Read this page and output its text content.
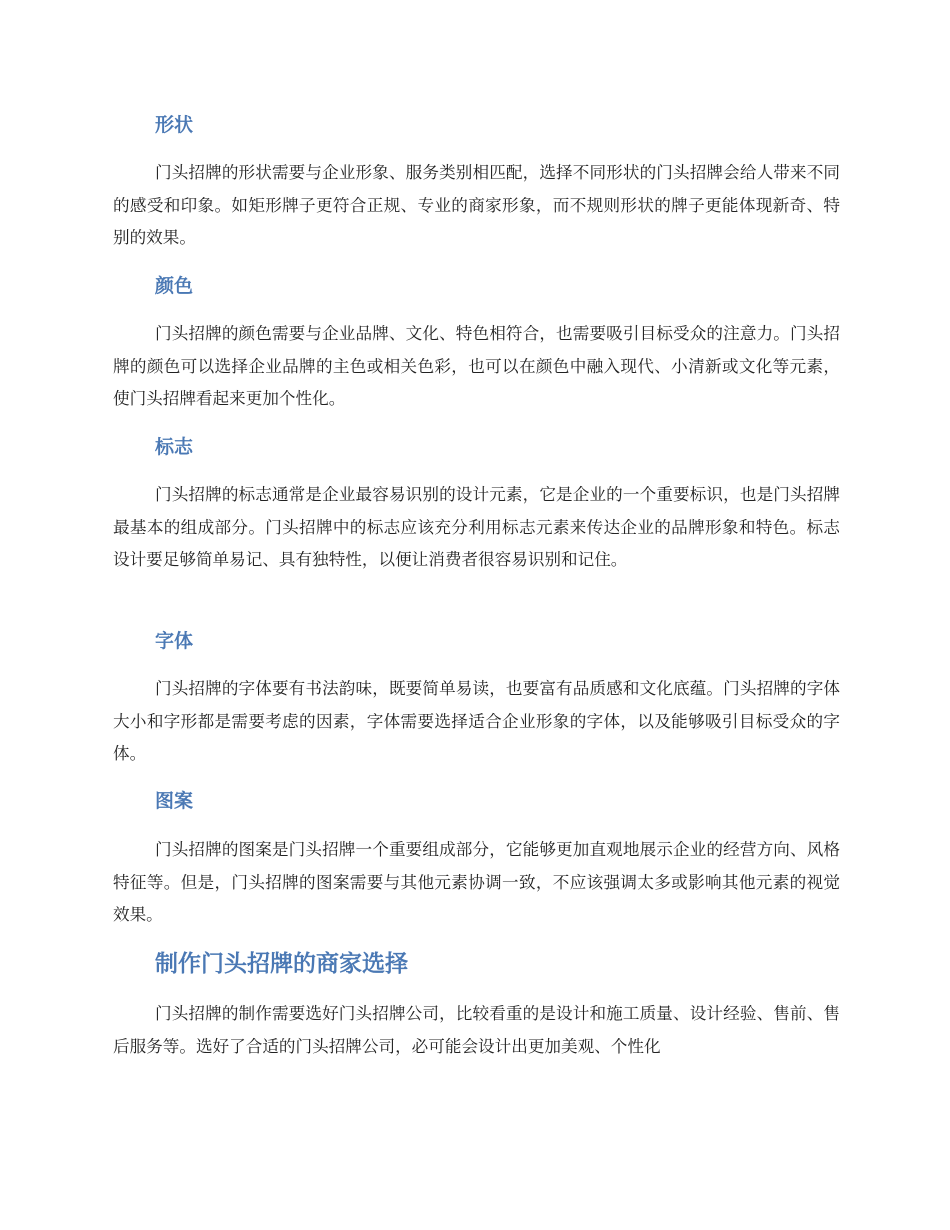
形状

门头招牌的形状需要与企业形象、服务类别相匹配，选择不同形状的门头招牌会给人带来不同的感受和印象。如矩形牌子更符合正规、专业的商家形象，而不规则形状的牌子更能体现新奇、特别的效果。

颜色

门头招牌的颜色需要与企业品牌、文化、特色相符合，也需要吸引目标受众的注意力。门头招牌的颜色可以选择企业品牌的主色或相关色彩，也可以在颜色中融入现代、小清新或文化等元素，使门头招牌看起来更加个性化。

标志

门头招牌的标志通常是企业最容易识别的设计元素，它是企业的一个重要标识，也是门头招牌最基本的组成部分。门头招牌中的标志应该充分利用标志元素来传达企业的品牌形象和特色。标志设计要足够简单易记、具有独特性，以便让消费者很容易识别和记住。

字体

门头招牌的字体要有书法韵味，既要简单易读，也要富有品质感和文化底蕴。门头招牌的字体大小和字形都是需要考虑的因素，字体需要选择适合企业形象的字体，以及能够吸引目标受众的字体。

图案

门头招牌的图案是门头招牌一个重要组成部分，它能够更加直观地展示企业的经营方向、风格特征等。但是，门头招牌的图案需要与其他元素协调一致，不应该强调太多或影响其他元素的视觉效果。

制作门头招牌的商家选择

门头招牌的制作需要选好门头招牌公司，比较看重的是设计和施工质量、设计经验、售前、售后服务等。选好了合适的门头招牌公司，必可能会设计出更加美观、个性化
